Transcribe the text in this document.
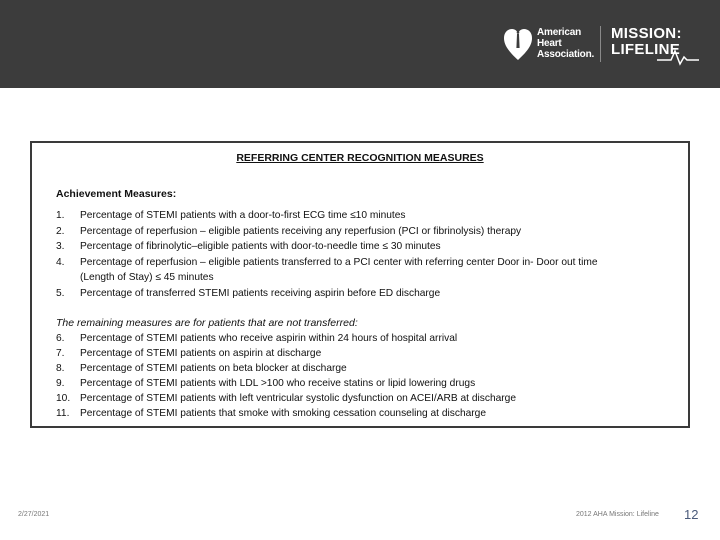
American
Heart
Association.
MISSION:
LIFELINE
REFERRING CENTER RECOGNITION MEASURES
Achievement Measures:
1. Percentage of STEMI patients with a door-to-first ECG time ≤10 minutes
2. Percentage of reperfusion – eligible patients receiving any reperfusion (PCI or fibrinolysis) therapy
3. Percentage of fibrinolytic–eligible patients with door-to-needle time ≤ 30 minutes
4. Percentage of reperfusion – eligible patients transferred to a PCI center with referring center Door in- Door out time
(Length of Stay) ≤ 45 minutes
5. Percentage of transferred STEMI patients receiving aspirin before ED discharge
The remaining measures are for patients that are not transferred:
6. Percentage of STEMI patients who receive aspirin within 24 hours of hospital arrival
7. Percentage of STEMI patients on aspirin at discharge
8. Percentage of STEMI patients on beta blocker at discharge
9. Percentage of STEMI patients with LDL >100 who receive statins or lipid lowering drugs
10. Percentage of STEMI patients with left ventricular systolic dysfunction on ACEI/ARB at discharge
11. Percentage of STEMI patients that smoke with smoking cessation counseling at discharge
2/27/2021	2012 AHA Mission: Lifeline 12
